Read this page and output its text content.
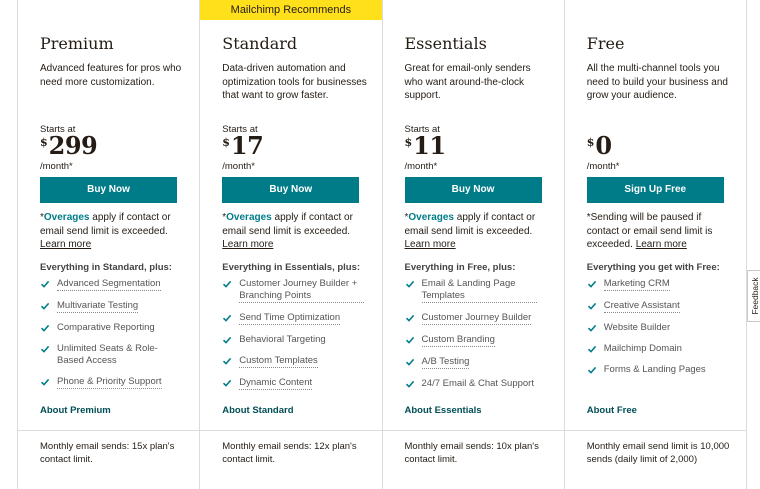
Premium

Advanced features for pros who need more customization.

Starts at
$ 299
/month*
Buy Now

*Overages apply if contact or email send limit is exceeded. Learn more

Everything in Standard, plus:
Advanced Segmentation
Multivariate Testing
Comparative Reporting
Unlimited Seats & Role-Based Access
Phone & Priority Support
About Premium

Monthly email sends: 15x plan's contact limit.

Mailchimp Recommends
Standard

Data-driven automation and optimization tools for businesses that want to grow faster.

Starts at
$ 17
/month*
Buy Now

*Overages apply if contact or email send limit is exceeded. Learn more

Everything in Essentials, plus:
Customer Journey Builder + Branching Points
Send Time Optimization
Behavioral Targeting
Custom Templates
Dynamic Content
About Standard

Monthly email sends: 12x plan's contact limit.

Essentials

Great for email-only senders who want around-the-clock support.

Starts at
$ 11
/month*
Buy Now

*Overages apply if contact or email send limit is exceeded. Learn more

Everything in Free, plus:
Email & Landing Page Templates
Customer Journey Builder
Custom Branding
A/B Testing
24/7 Email & Chat Support
About Essentials

Monthly email sends: 10x plan's contact limit.

Free

All the multi-channel tools you need to build your business and grow your audience.

$ 0
/month*
Sign Up Free

*Sending will be paused if contact or email send limit is exceeded. Learn more

Everything you get with Free:
Marketing CRM
Creative Assistant
Website Builder
Mailchimp Domain
Forms & Landing Pages
About Free

Monthly email send limit is 10,000 sends (daily limit of 2,000)

Feedback
